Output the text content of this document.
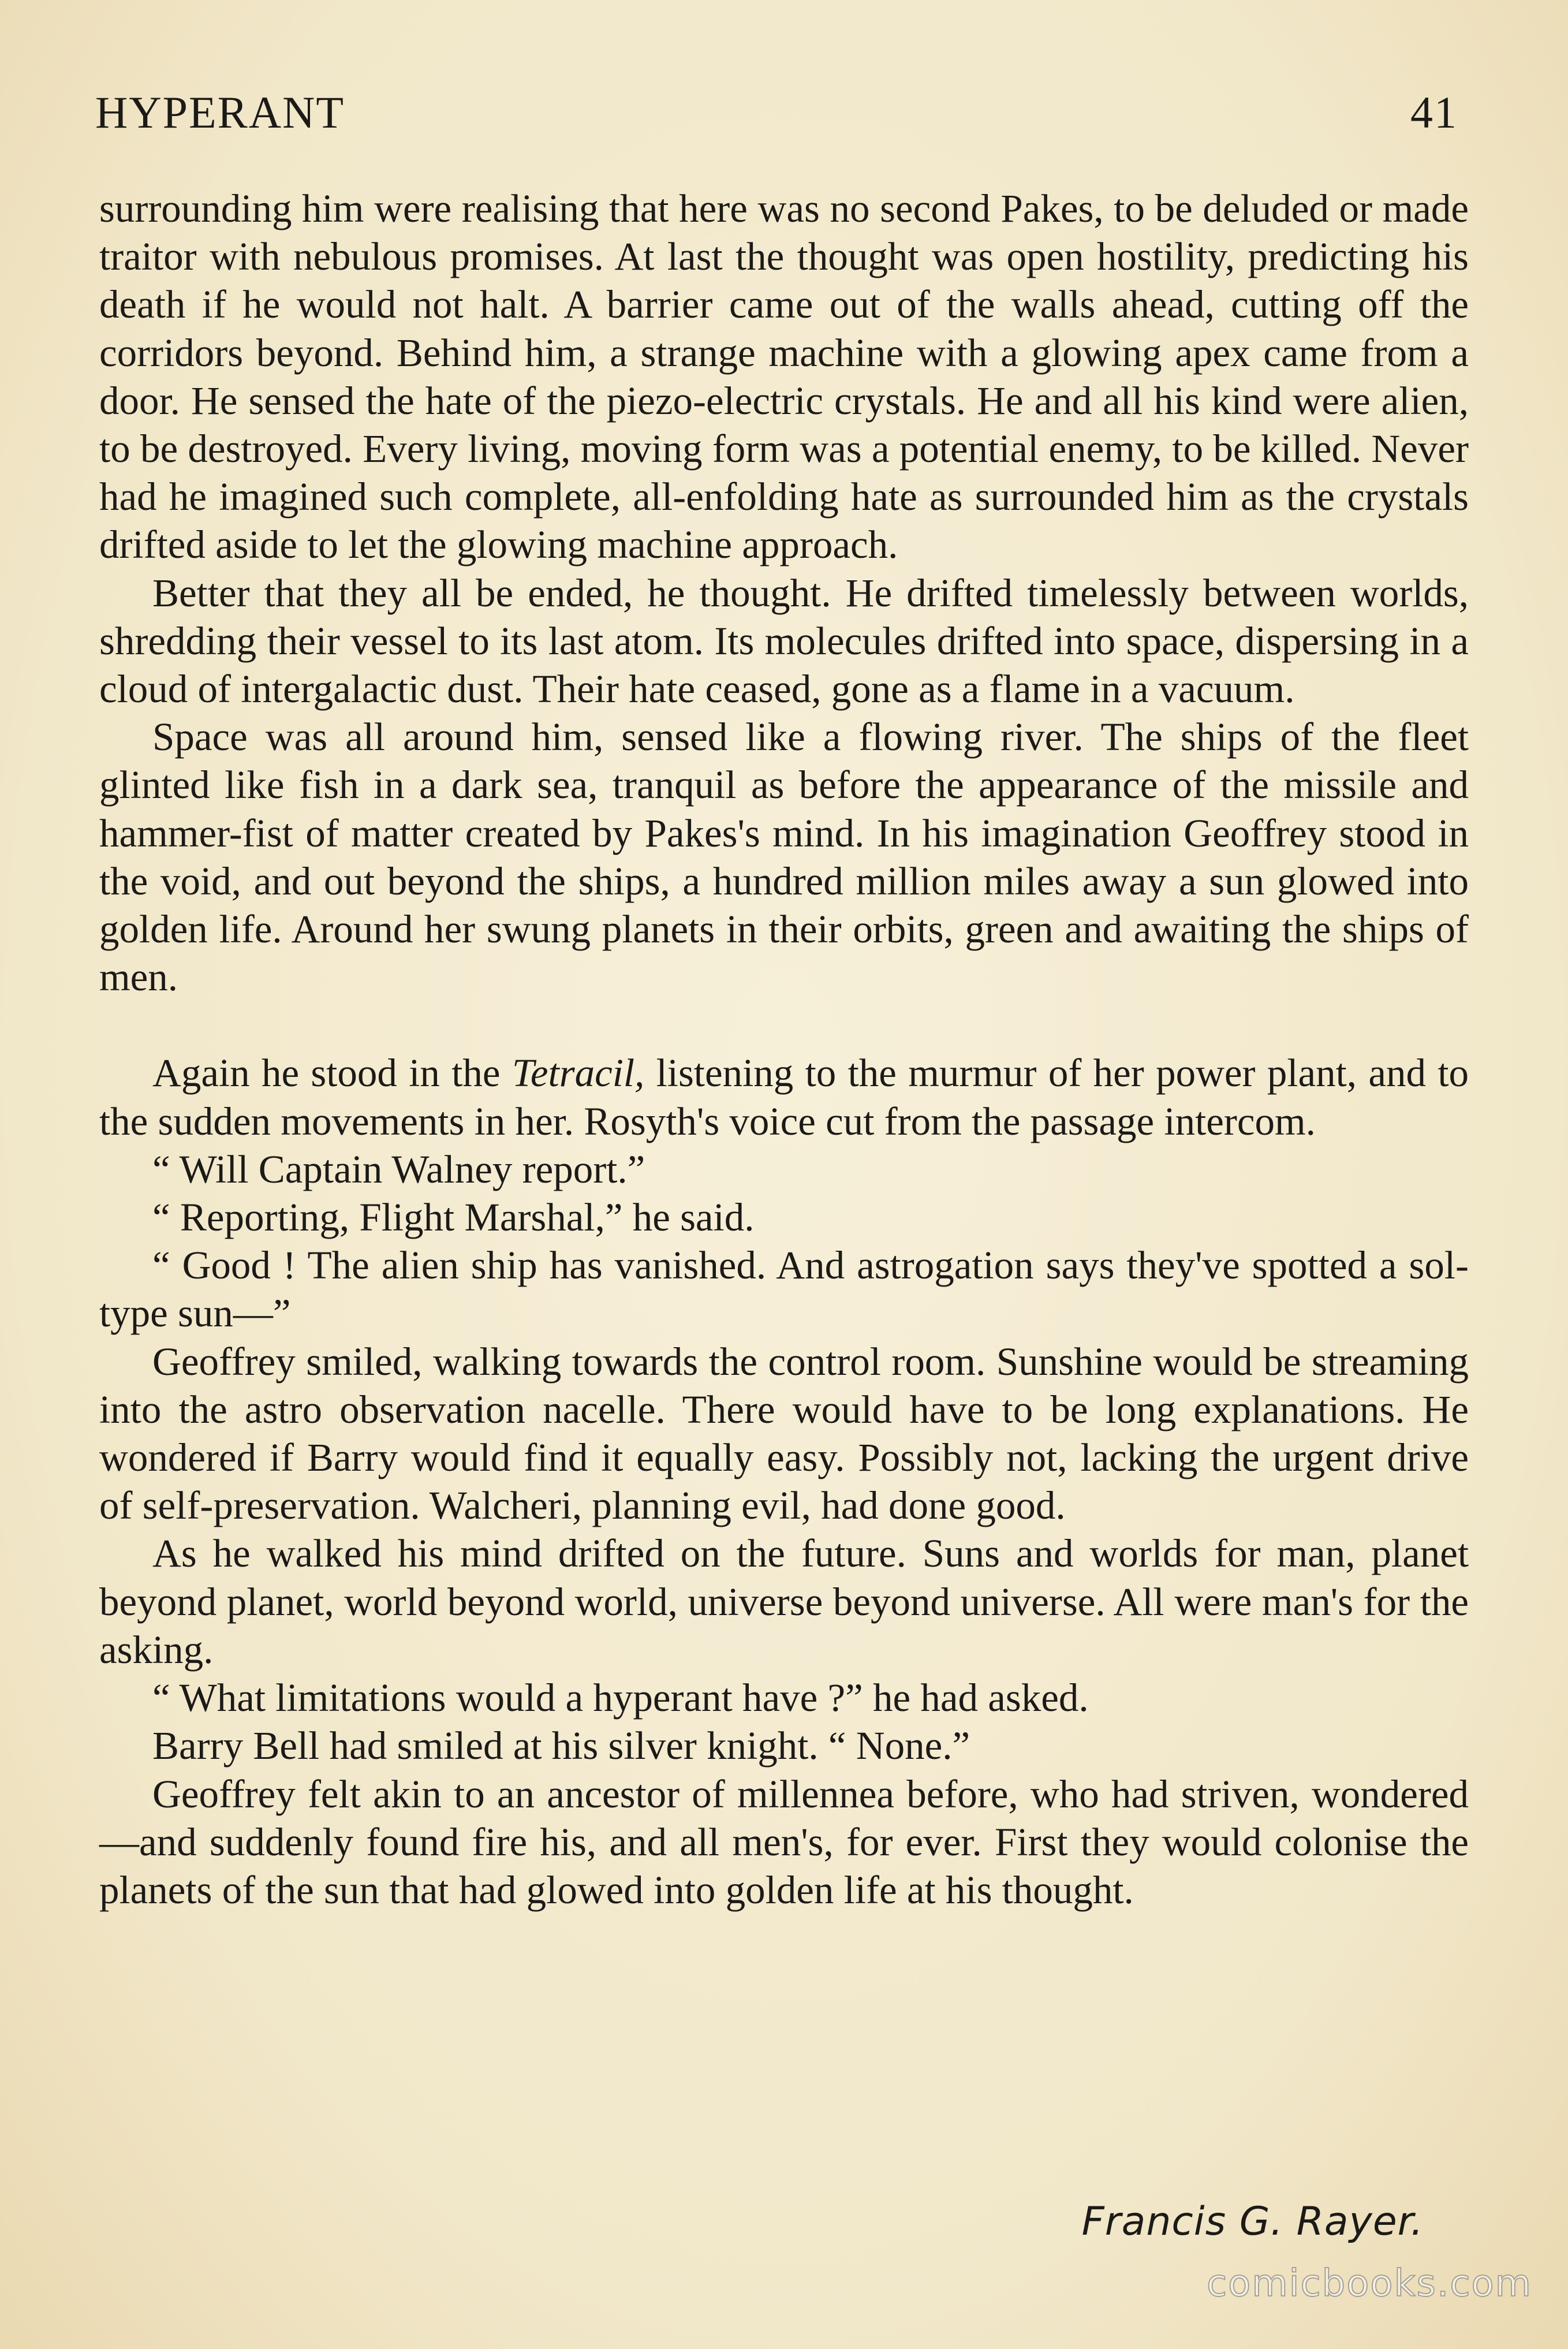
HYPERANT	41

surrounding him were realising that here was no second Pakes, to be deluded or made traitor with nebulous promises. At last the thought was open hostility, predicting his death if he would not halt. A barrier came out of the walls ahead, cutting off the corridors beyond. Behind him, a strange machine with a glowing apex came from a door. He sensed the hate of the piezo-electric crystals. He and all his kind were alien, to be destroyed. Every living, moving form was a potential enemy, to be killed. Never had he imagined such complete, all-enfolding hate as surrounded him as the crystals drifted aside to let the glowing machine approach.

Better that they all be ended, he thought. He drifted timelessly between worlds, shredding their vessel to its last atom. Its molecules drifted into space, dispersing in a cloud of intergalactic dust. Their hate ceased, gone as a flame in a vacuum.

Space was all around him, sensed like a flowing river. The ships of the fleet glinted like fish in a dark sea, tranquil as before the appearance of the missile and hammer-fist of matter created by Pakes's mind. In his imagination Geoffrey stood in the void, and out beyond the ships, a hundred million miles away a sun glowed into golden life. Around her swung planets in their orbits, green and awaiting the ships of men.

Again he stood in the Tetracil, listening to the murmur of her power plant, and to the sudden movements in her. Rosyth's voice cut from the passage intercom.

“ Will Captain Walney report.”

“ Reporting, Flight Marshal,” he said.

“ Good ! The alien ship has vanished. And astrogation says they've spotted a sol-type sun—”

Geoffrey smiled, walking towards the control room. Sunshine would be streaming into the astro observation nacelle. There would have to be long explanations. He wondered if Barry would find it equally easy. Possibly not, lacking the urgent drive of self-preservation. Walcheri, planning evil, had done good.

As he walked his mind drifted on the future. Suns and worlds for man, planet beyond planet, world beyond world, universe beyond universe. All were man's for the asking.

“ What limitations would a hyperant have ?” he had asked.

Barry Bell had smiled at his silver knight. “ None.”

Geoffrey felt akin to an ancestor of millennea before, who had striven, wondered—and suddenly found fire his, and all men's, for ever. First they would colonise the planets of the sun that had glowed into golden life at his thought.

Francis G. Rayer.
comicbooks.com
